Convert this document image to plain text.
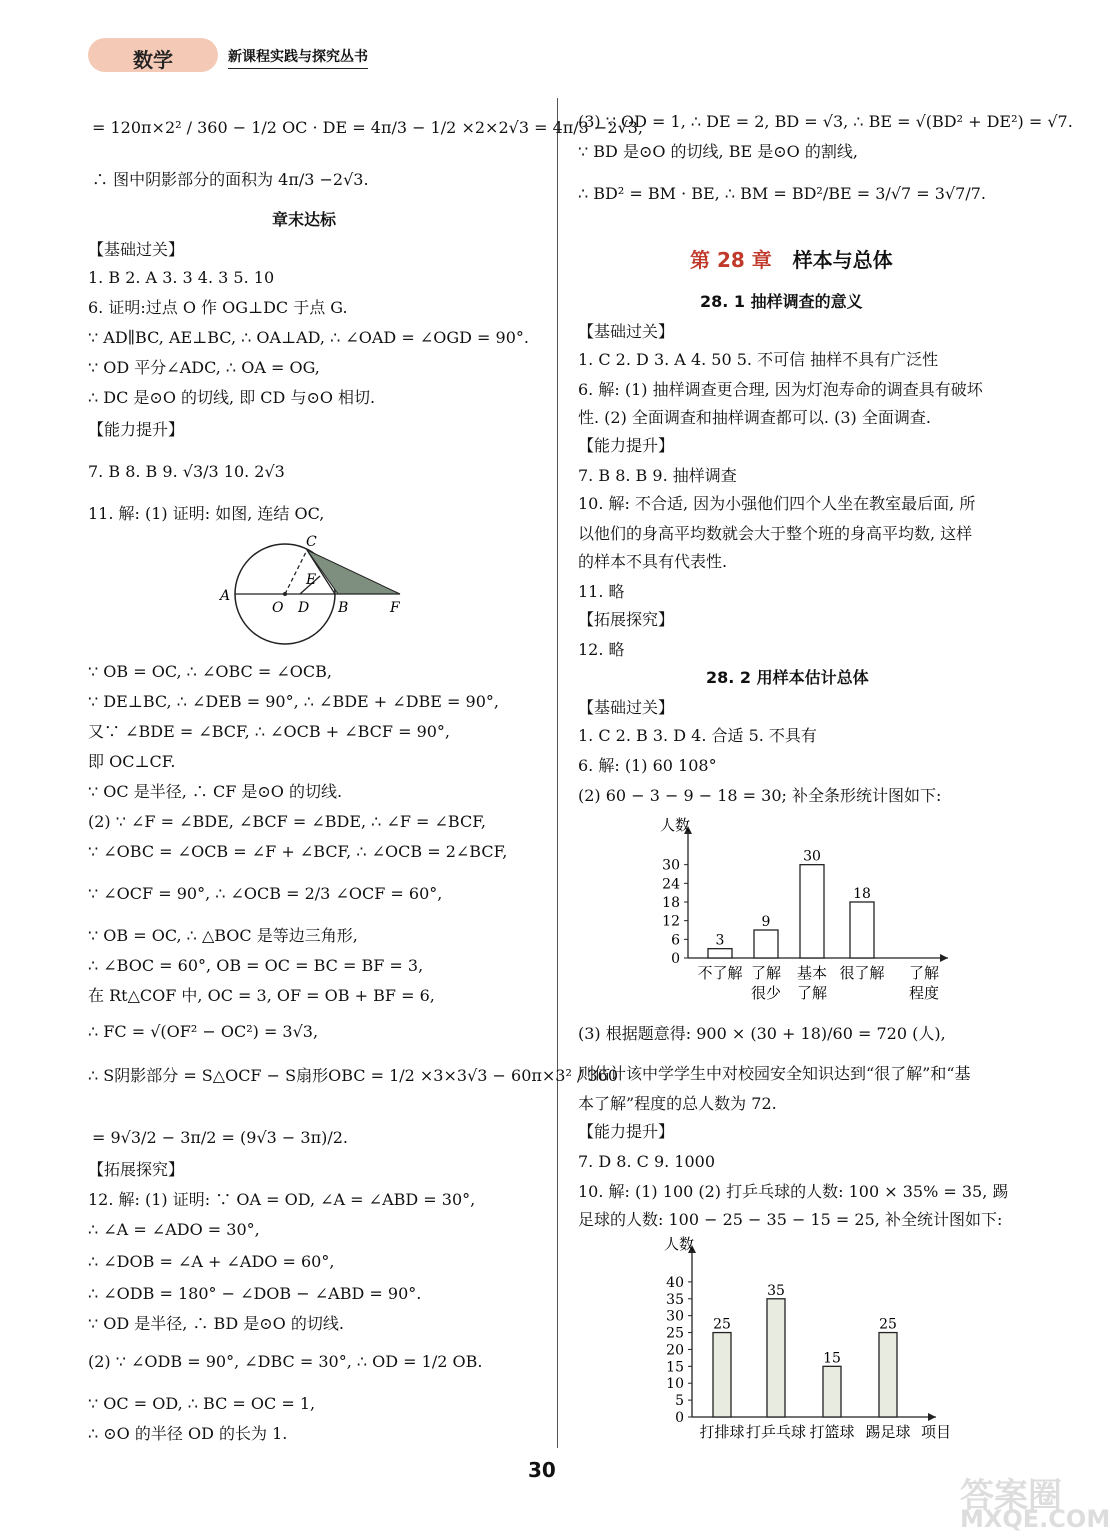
数学	新课程实践与探究丛书
= 120π×2² / 360 − 1/2 OC · DE = 4π/3 − 1/2 ×2×2√3 = 4π/3 −2√3,
∴ 图中阴影部分的面积为 4π/3 −2√3.
章末达标
【基础过关】
1. B 2. A 3. 3 4. 3 5. 10
6. 证明:过点 O 作 OG⊥DC 于点 G.
∵ AD∥BC, AE⊥BC, ∴ OA⊥AD, ∴ ∠OAD = ∠OGD = 90°.
∵ OD 平分∠ADC, ∴ OA = OG,
∴ DC 是⊙O 的切线, 即 CD 与⊙O 相切.
【能力提升】
7. B 8. B 9. √3/3 10. 2√3
11. 解: (1) 证明: 如图, 连结 OC,
C
E
A
O D B	F
∵ OB = OC, ∴ ∠OBC = ∠OCB,
∵ DE⊥BC, ∴ ∠DEB = 90°, ∴ ∠BDE + ∠DBE = 90°,
又∵ ∠BDE = ∠BCF, ∴ ∠OCB + ∠BCF = 90°,
即 OC⊥CF.
∵ OC 是半径, ∴ CF 是⊙O 的切线.
(2) ∵ ∠F = ∠BDE, ∠BCF = ∠BDE, ∴ ∠F = ∠BCF,
∵ ∠OBC = ∠OCB = ∠F + ∠BCF, ∴ ∠OCB = 2∠BCF,
∵ ∠OCF = 90°, ∴ ∠OCB = 2/3 ∠OCF = 60°,
∵ OB = OC, ∴ △BOC 是等边三角形,
∴ ∠BOC = 60°, OB = OC = BC = BF = 3,
在 Rt△COF 中, OC = 3, OF = OB + BF = 6,
∴ FC = √(OF² − OC²) = 3√3,
∴ S阴影部分 = S△OCF − S扇形OBC = 1/2 ×3×3√3 − 60π×3² / 360
= 9√3/2 − 3π/2 = (9√3 − 3π)/2.
【拓展探究】
12. 解: (1) 证明: ∵ OA = OD, ∠A = ∠ABD = 30°,
∴ ∠A = ∠ADO = 30°,
∴ ∠DOB = ∠A + ∠ADO = 60°,
∴ ∠ODB = 180° − ∠DOB − ∠ABD = 90°.
∵ OD 是半径, ∴ BD 是⊙O 的切线.
(2) ∵ ∠ODB = 90°, ∠DBC = 30°, ∴ OD = 1/2 OB.
∵ OC = OD, ∴ BC = OC = 1,
∴ ⊙O 的半径 OD 的长为 1.
(3) ∵ OD = 1, ∴ DE = 2, BD = √3, ∴ BE = √(BD² + DE²) = √7.
∵ BD 是⊙O 的切线, BE 是⊙O 的割线,
∴ BD² = BM · BE, ∴ BM = BD²/BE = 3/√7 = 3√7/7.
第 28 章 样本与总体
28. 1 抽样调查的意义
【基础过关】
1. C 2. D 3. A 4. 50 5. 不可信 抽样不具有广泛性
6. 解: (1) 抽样调查更合理, 因为灯泡寿命的调查具有破坏
性. (2) 全面调查和抽样调查都可以. (3) 全面调查.
【能力提升】
7. B 8. B 9. 抽样调查
10. 解: 不合适, 因为小强他们四个人坐在教室最后面, 所
以他们的身高平均数就会大于整个班的身高平均数, 这样
的样本不具有代表性.
11. 略
【拓展探究】
12. 略
28. 2 用样本估计总体
【基础过关】
1. C 2. B 3. D 4. 合适 5. 不具有
6. 解: (1) 60 108°
(2) 60 − 3 − 9 − 18 = 30; 补全条形统计图如下:
人数
0
6
12
18
24
30
3
9
30
18
不了解 了解
很少
基本
了解
很了解 了解
程度
(3) 根据题意得: 900 × (30 + 18)/60 = 720 (人),
则估计该中学学生中对校园安全知识达到“很了解”和“基
本了解”程度的总人数为 72.
【能力提升】
7. D 8. C 9. 1000
10. 解: (1) 100 (2) 打乒乓球的人数: 100 × 35% = 35, 踢
足球的人数: 100 − 25 − 35 − 15 = 25, 补全统计图如下:
人数
0
5
10
15
20
25
30
35
40
25
35
15
25
打排球 打乒乓球 打篮球 踢足球 项目
30
答案圈
MXQE.COM
